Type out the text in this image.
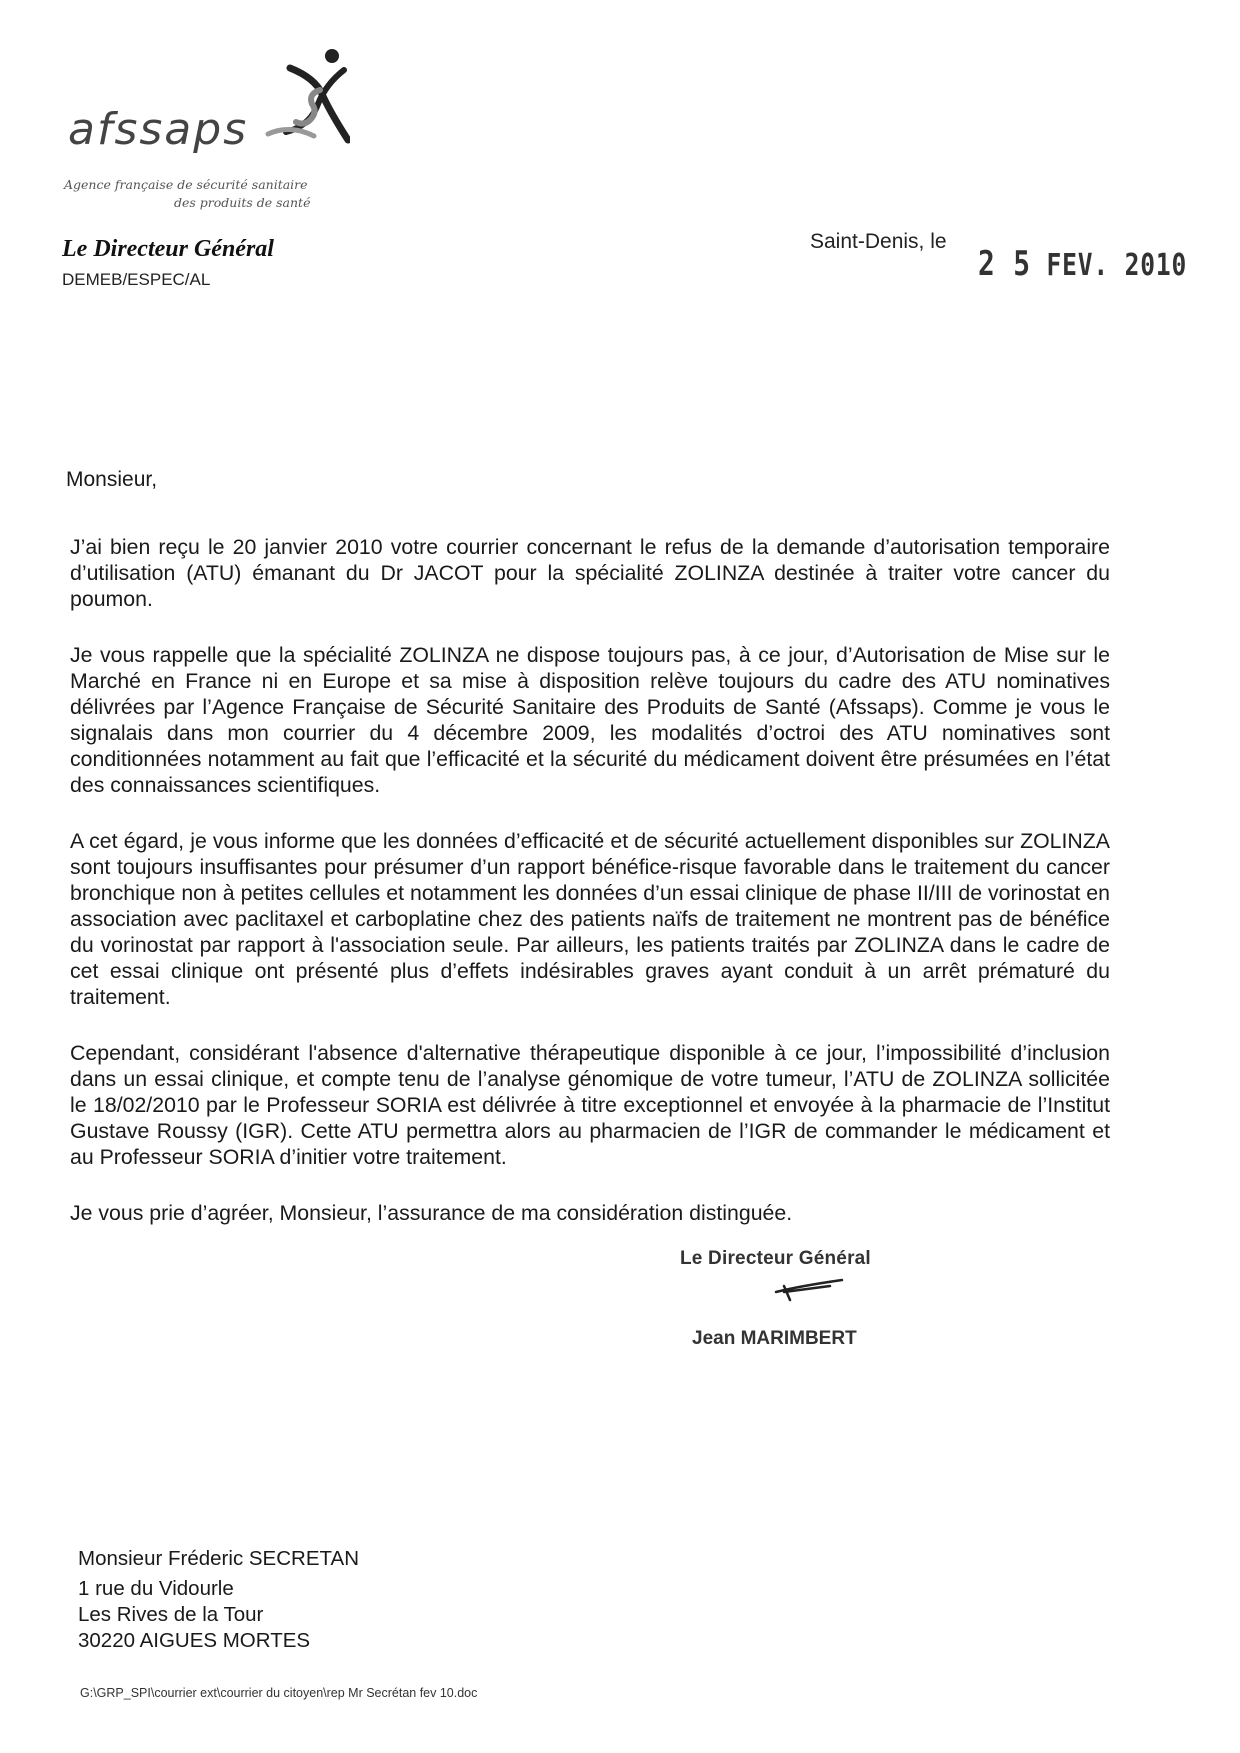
afssaps
Agence française de sécurité sanitaire
des produits de santé
Le Directeur Général
DEMEB/ESPEC/AL
Saint-Denis, le
2 5 FEV. 2010
Monsieur,

J’ai bien reçu le 20 janvier 2010 votre courrier concernant le refus de la demande d’autorisation temporaire d’utilisation (ATU) émanant du Dr JACOT pour la spécialité ZOLINZA destinée à traiter votre cancer du poumon.

Je vous rappelle que la spécialité ZOLINZA ne dispose toujours pas, à ce jour, d’Autorisation de Mise sur le Marché en France ni en Europe et sa mise à disposition relève toujours du cadre des ATU nominatives délivrées par l’Agence Française de Sécurité Sanitaire des Produits de Santé (Afssaps). Comme je vous le signalais dans mon courrier du 4 décembre 2009, les modalités d’octroi des ATU nominatives sont conditionnées notamment au fait que l’efficacité et la sécurité du médicament doivent être présumées en l’état des connaissances scientifiques.

A cet égard, je vous informe que les données d’efficacité et de sécurité actuellement disponibles sur ZOLINZA sont toujours insuffisantes pour présumer d’un rapport bénéfice-risque favorable dans le traitement du cancer bronchique non à petites cellules et notamment les données d’un essai clinique de phase II/III de vorinostat en association avec paclitaxel et carboplatine chez des patients naïfs de traitement ne montrent pas de bénéfice du vorinostat par rapport à l'association seule. Par ailleurs, les patients traités par ZOLINZA dans le cadre de cet essai clinique ont présenté plus d’effets indésirables graves ayant conduit à un arrêt prématuré du traitement.

Cependant, considérant l'absence d'alternative thérapeutique disponible à ce jour, l’impossibilité d’inclusion dans un essai clinique, et compte tenu de l’analyse génomique de votre tumeur, l’ATU de ZOLINZA sollicitée le 18/02/2010 par le Professeur SORIA est délivrée à titre exceptionnel et envoyée à la pharmacie de l’Institut Gustave Roussy (IGR). Cette ATU permettra alors au pharmacien de l’IGR de commander le médicament et au Professeur SORIA d’initier votre traitement.

Je vous prie d’agréer, Monsieur, l’assurance de ma considération distinguée.

Le Directeur Général
Jean MARIMBERT
Monsieur Fréderic SECRETAN
1 rue du Vidourle
Les Rives de la Tour
30220 AIGUES MORTES
G:\GRP_SPI\courrier ext\courrier du citoyen\rep Mr Secrétan fev 10.doc
